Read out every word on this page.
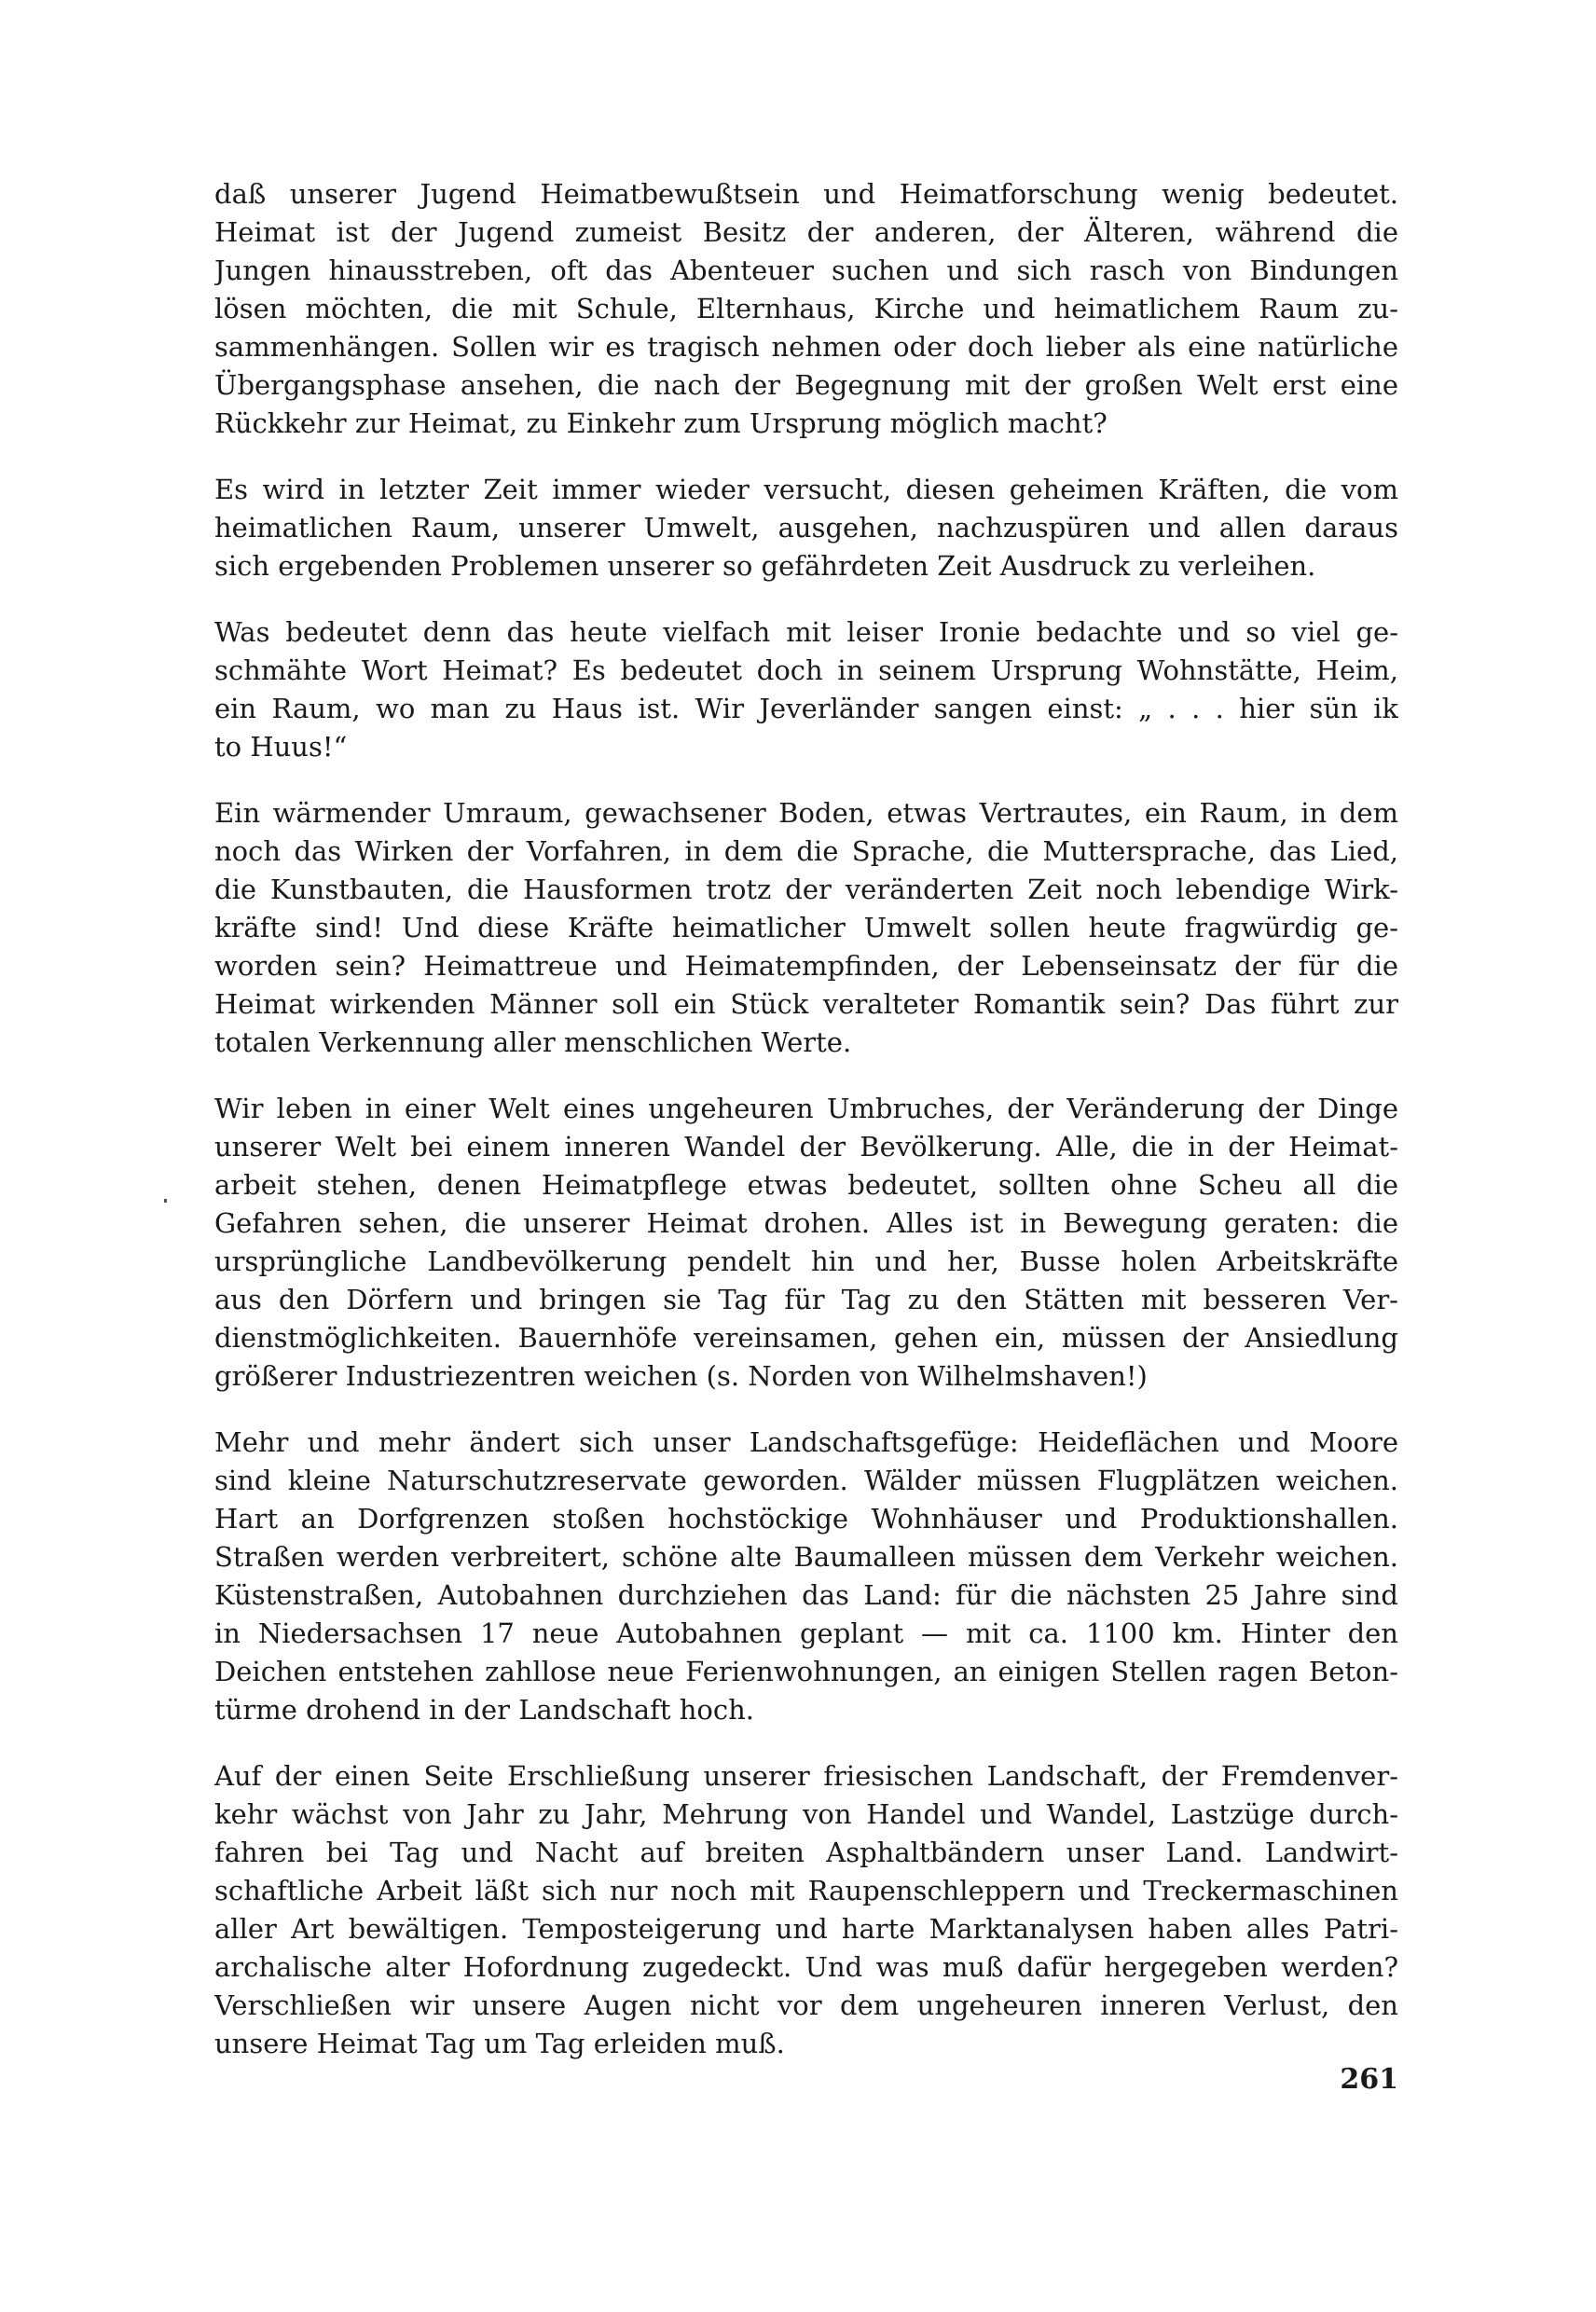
daß unserer Jugend Heimatbewußtsein und Heimatforschung wenig bedeutet.
Heimat ist der Jugend zumeist Besitz der anderen, der Älteren, während die
Jungen hinausstreben, oft das Abenteuer suchen und sich rasch von Bindungen
lösen möchten, die mit Schule, Elternhaus, Kirche und heimatlichem Raum zu-
sammenhängen. Sollen wir es tragisch nehmen oder doch lieber als eine natürliche
Übergangsphase ansehen, die nach der Begegnung mit der großen Welt erst eine
Rückkehr zur Heimat, zu Einkehr zum Ursprung möglich macht?
Es wird in letzter Zeit immer wieder versucht, diesen geheimen Kräften, die vom
heimatlichen Raum, unserer Umwelt, ausgehen, nachzuspüren und allen daraus
sich ergebenden Problemen unserer so gefährdeten Zeit Ausdruck zu verleihen.
Was bedeutet denn das heute vielfach mit leiser Ironie bedachte und so viel ge-
schmähte Wort Heimat? Es bedeutet doch in seinem Ursprung Wohnstätte, Heim,
ein Raum, wo man zu Haus ist. Wir Jeverländer sangen einst: „ . . . hier sün ik
to Huus!“
Ein wärmender Umraum, gewachsener Boden, etwas Vertrautes, ein Raum, in dem
noch das Wirken der Vorfahren, in dem die Sprache, die Muttersprache, das Lied,
die Kunstbauten, die Hausformen trotz der veränderten Zeit noch lebendige Wirk-
kräfte sind! Und diese Kräfte heimatlicher Umwelt sollen heute fragwürdig ge-
worden sein? Heimattreue und Heimatempfinden, der Lebenseinsatz der für die
Heimat wirkenden Männer soll ein Stück veralteter Romantik sein? Das führt zur
totalen Verkennung aller menschlichen Werte.
Wir leben in einer Welt eines ungeheuren Umbruches, der Veränderung der Dinge
unserer Welt bei einem inneren Wandel der Bevölkerung. Alle, die in der Heimat-
arbeit stehen, denen Heimatpflege etwas bedeutet, sollten ohne Scheu all die
Gefahren sehen, die unserer Heimat drohen. Alles ist in Bewegung geraten: die
ursprüngliche Landbevölkerung pendelt hin und her, Busse holen Arbeitskräfte
aus den Dörfern und bringen sie Tag für Tag zu den Stätten mit besseren Ver-
dienstmöglichkeiten. Bauernhöfe vereinsamen, gehen ein, müssen der Ansiedlung
größerer Industriezentren weichen (s. Norden von Wilhelmshaven!)
Mehr und mehr ändert sich unser Landschaftsgefüge: Heideflächen und Moore
sind kleine Naturschutzreservate geworden. Wälder müssen Flugplätzen weichen.
Hart an Dorfgrenzen stoßen hochstöckige Wohnhäuser und Produktionshallen.
Straßen werden verbreitert, schöne alte Baumalleen müssen dem Verkehr weichen.
Küstenstraßen, Autobahnen durchziehen das Land: für die nächsten 25 Jahre sind
in Niedersachsen 17 neue Autobahnen geplant — mit ca. 1100 km. Hinter den
Deichen entstehen zahllose neue Ferienwohnungen, an einigen Stellen ragen Beton-
türme drohend in der Landschaft hoch.
Auf der einen Seite Erschließung unserer friesischen Landschaft, der Fremdenver-
kehr wächst von Jahr zu Jahr, Mehrung von Handel und Wandel, Lastzüge durch-
fahren bei Tag und Nacht auf breiten Asphaltbändern unser Land. Landwirt-
schaftliche Arbeit läßt sich nur noch mit Raupenschleppern und Treckermaschinen
aller Art bewältigen. Temposteigerung und harte Marktanalysen haben alles Patri-
archalische alter Hofordnung zugedeckt. Und was muß dafür hergegeben werden?
Verschließen wir unsere Augen nicht vor dem ungeheuren inneren Verlust, den
unsere Heimat Tag um Tag erleiden muß.
261
